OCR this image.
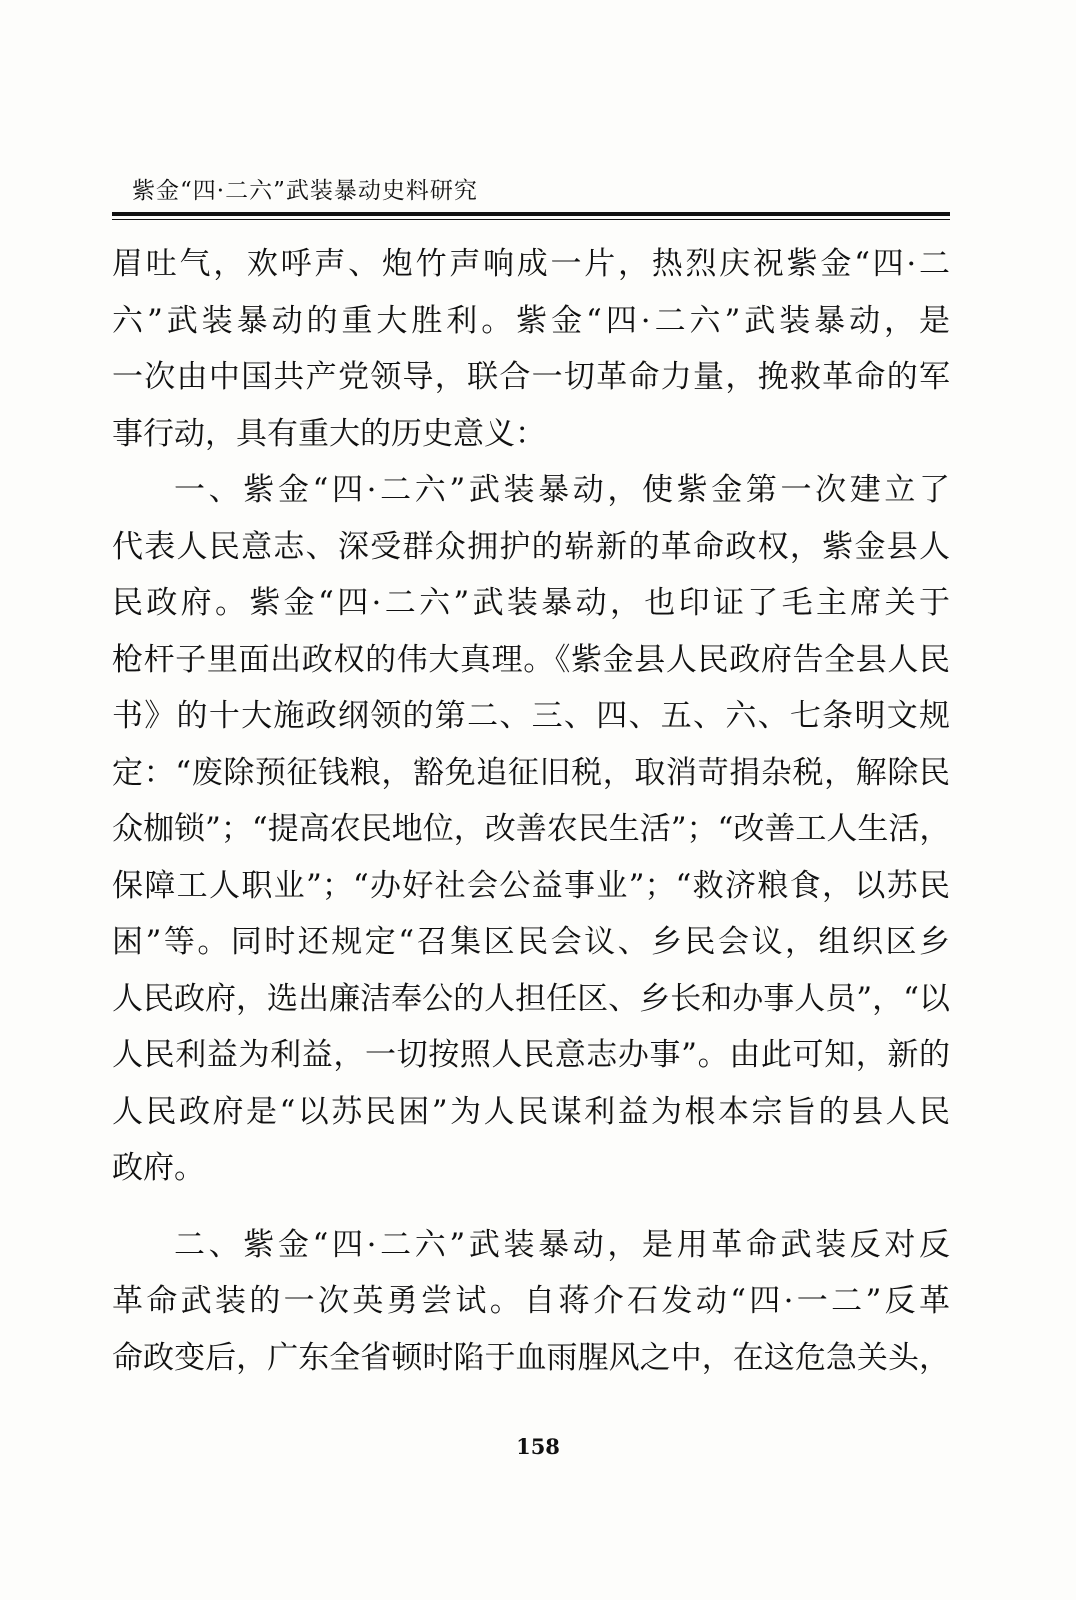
紫金“四·二六”武装暴动史料研究
眉吐气，欢呼声、炮竹声响成一片，热烈庆祝紫金“四·二
六”武装暴动的重大胜利。紫金“四·二六”武装暴动，是
一次由中国共产党领导，联合一切革命力量，挽救革命的军
事行动，具有重大的历史意义：
一、紫金“四·二六”武装暴动，使紫金第一次建立了
代表人民意志、深受群众拥护的崭新的革命政权，紫金县人
民政府。紫金“四·二六”武装暴动，也印证了毛主席关于
枪杆子里面出政权的伟大真理。《紫金县人民政府告全县人民
书》的十大施政纲领的第二、三、四、五、六、七条明文规
定：“废除预征钱粮，豁免追征旧税，取消苛捐杂税，解除民
众枷锁”；“提高农民地位，改善农民生活”；“改善工人生活，
保障工人职业”；“办好社会公益事业”；“救济粮食，以苏民
困”等。同时还规定“召集区民会议、乡民会议，组织区乡
人民政府，选出廉洁奉公的人担任区、乡长和办事人员”，“以
人民利益为利益，一切按照人民意志办事”。由此可知，新的
人民政府是“以苏民困”为人民谋利益为根本宗旨的县人民
政府。
二、紫金“四·二六”武装暴动，是用革命武装反对反
革命武装的一次英勇尝试。自蒋介石发动“四·一二”反革
命政变后，广东全省顿时陷于血雨腥风之中，在这危急关头，
158
